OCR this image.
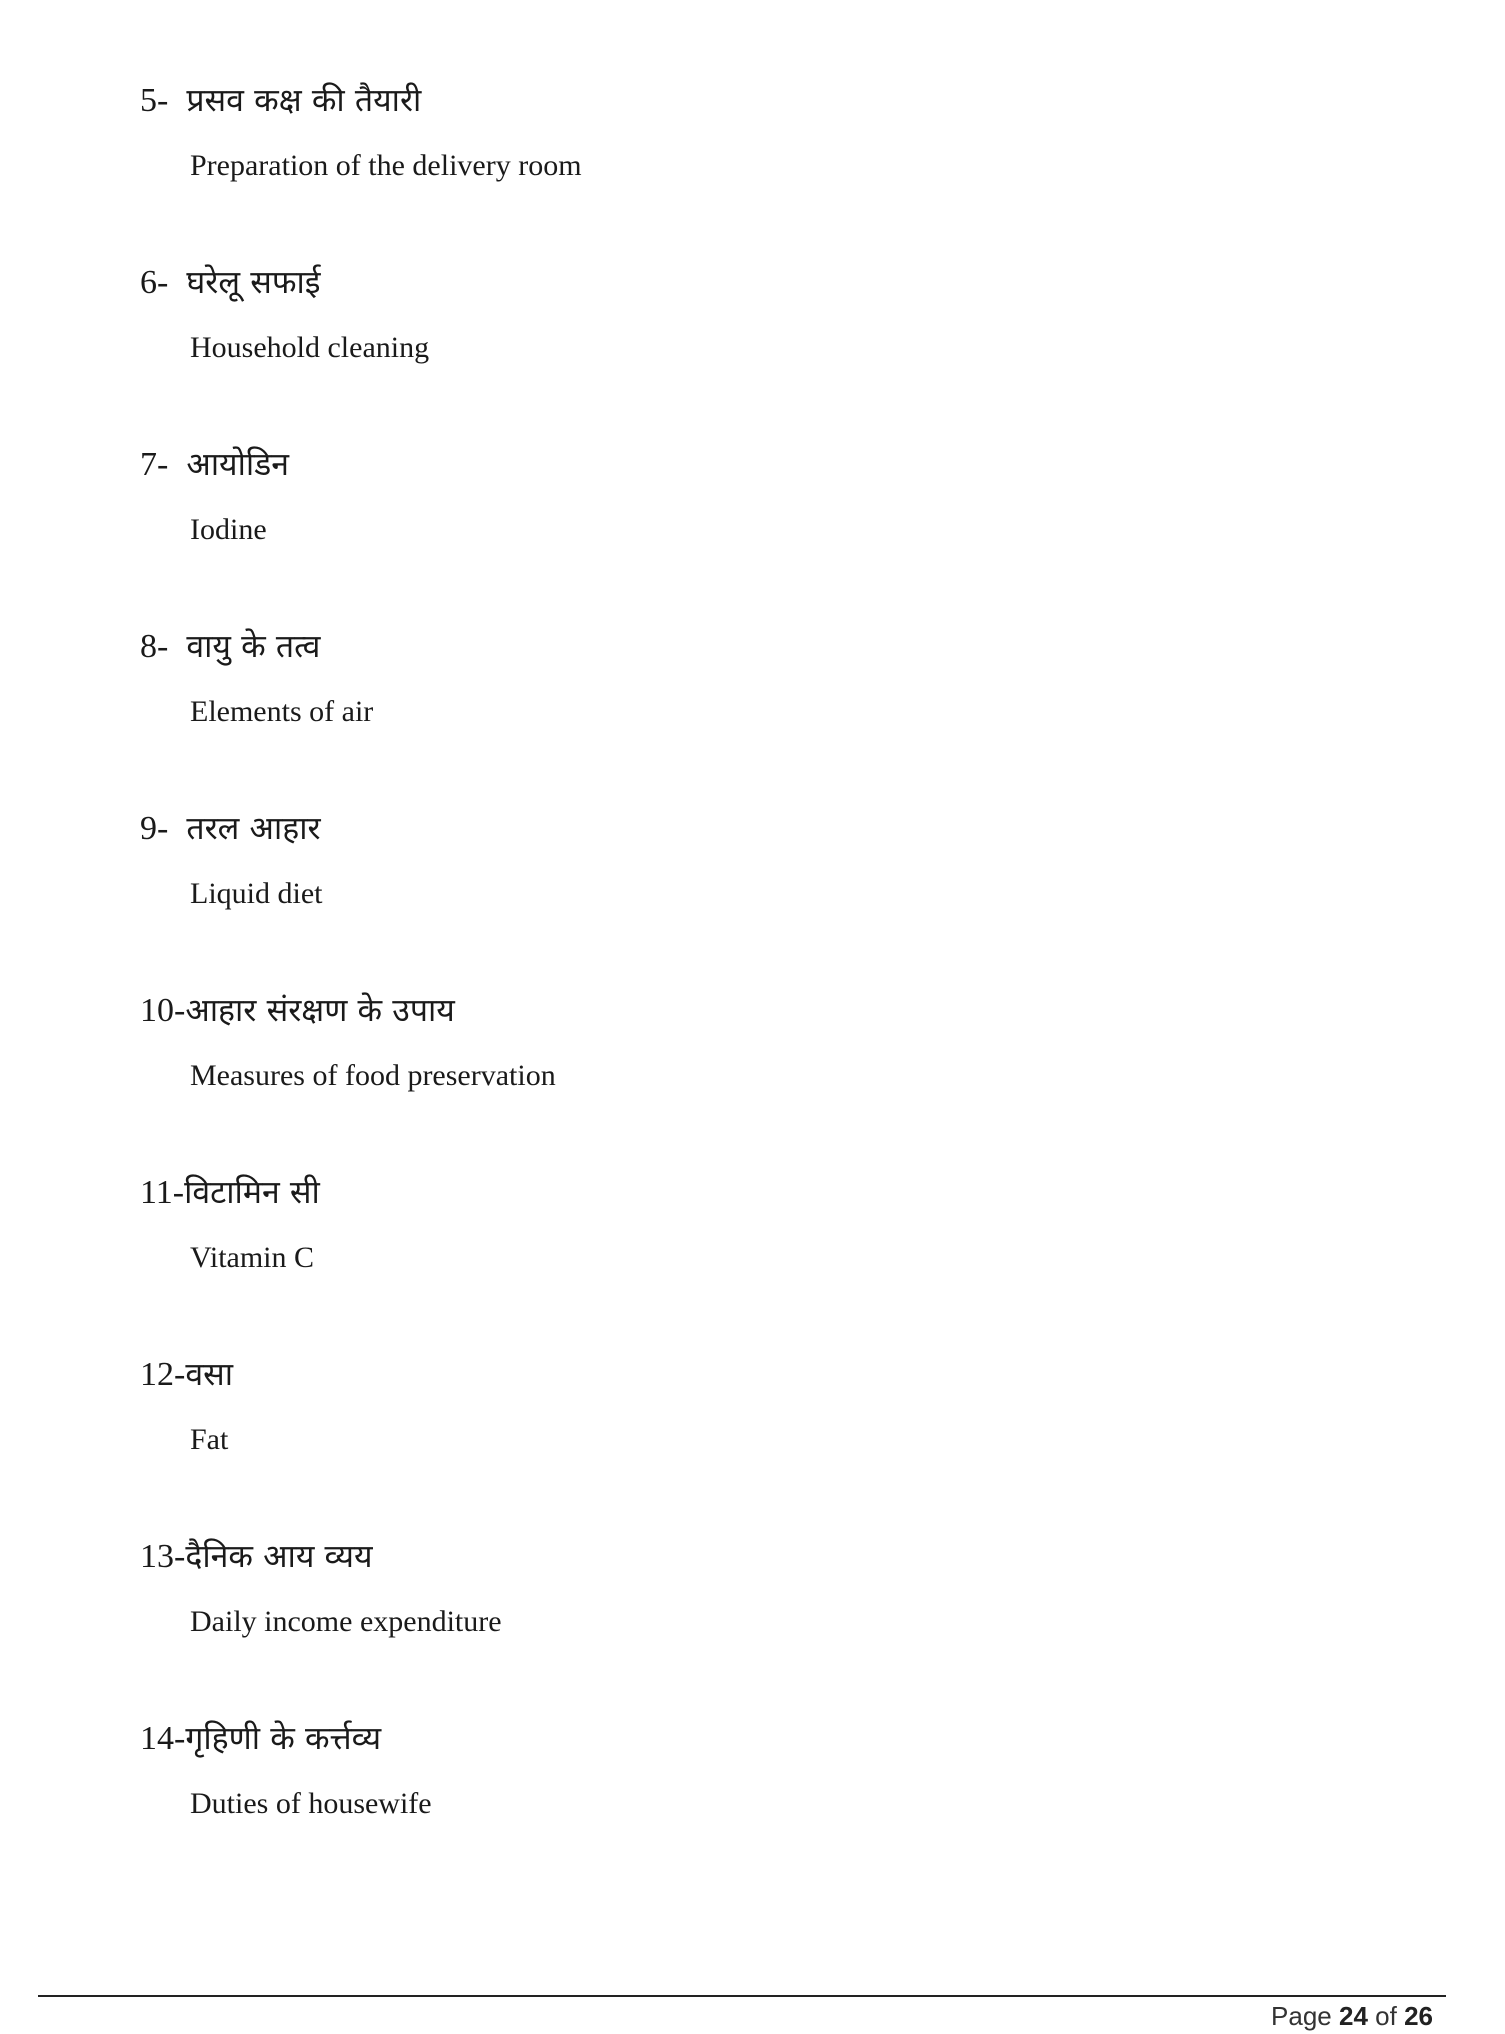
5- प्रसव कक्ष की तैयारी
Preparation of the delivery room
6- घरेलू सफाई
Household cleaning
7- आयोडिन
Iodine
8- वायु के तत्व
Elements of air
9- तरल आहार
Liquid diet
10-आहार संरक्षण के उपाय
Measures of food preservation
11-विटामिन सी
Vitamin C
12-वसा
Fat
13-दैनिक आय व्यय
Daily income expenditure
14-गृहिणी के कर्त्तव्य
Duties of housewife
Page 24 of 26
